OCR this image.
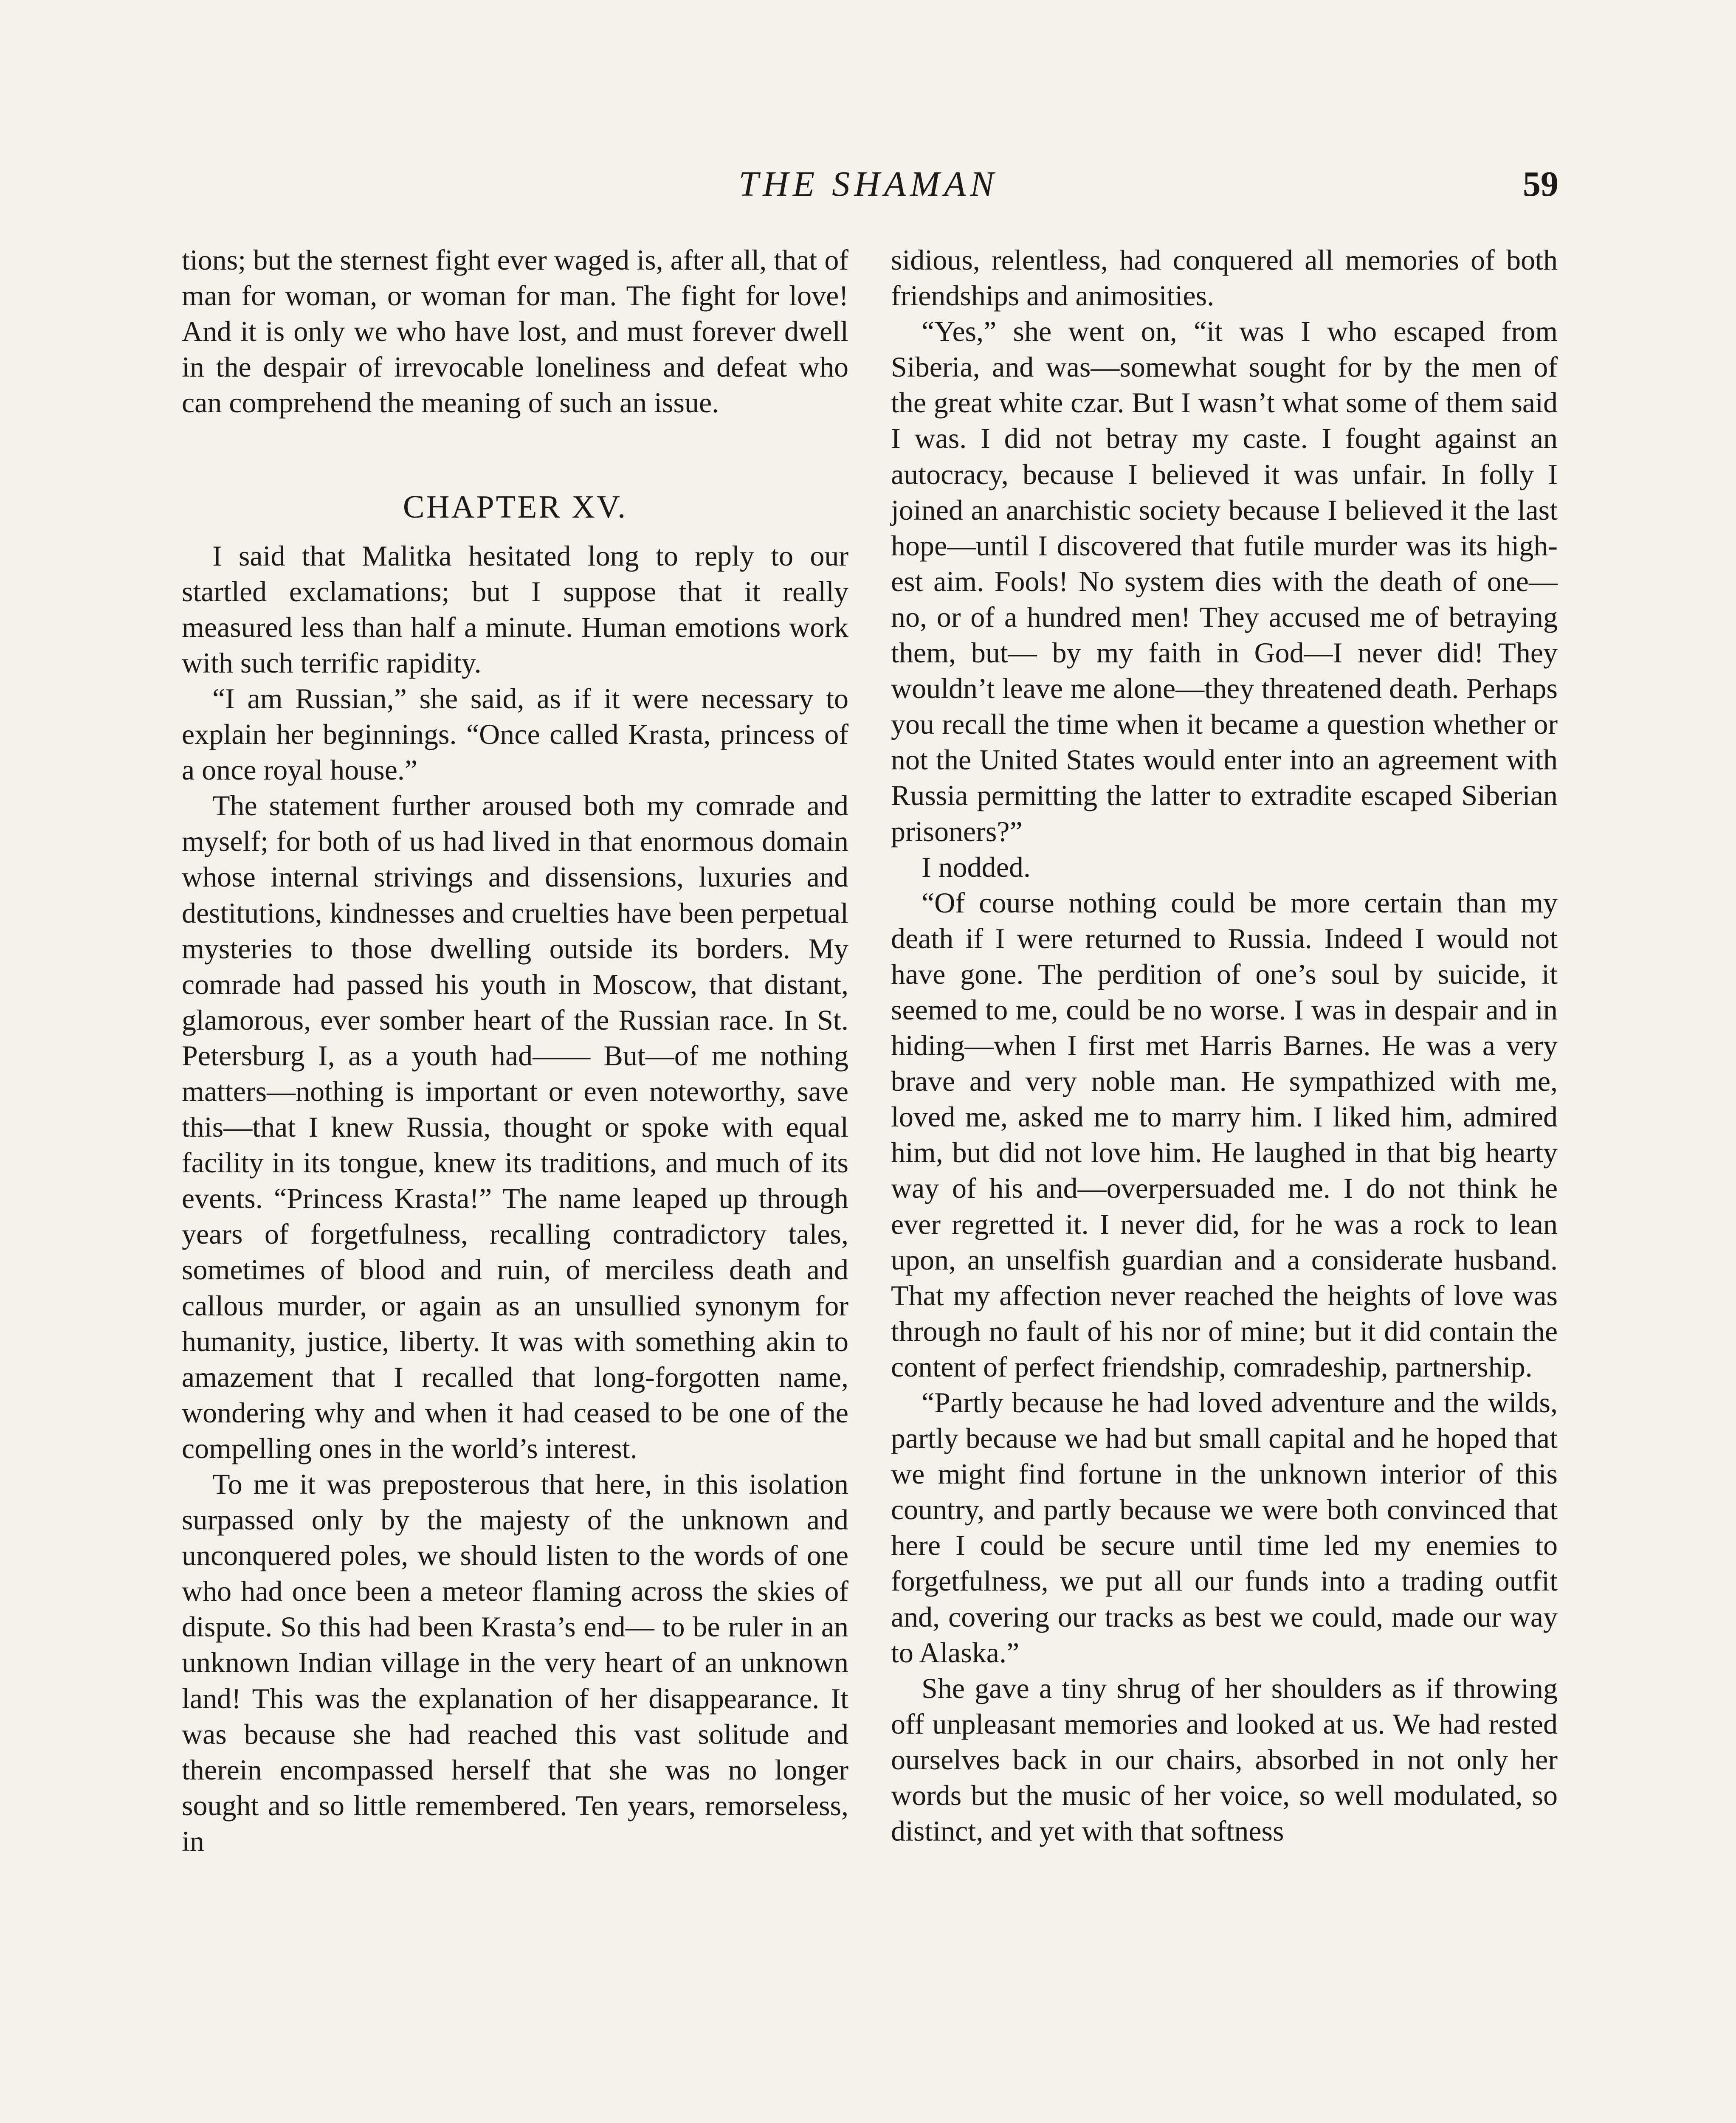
THE SHAMAN	59

tions; but the sternest fight ever waged is, after all, that of man for woman, or woman for man. The fight for love! And it is only we who have lost, and must forever dwell in the despair of irrevocable loneliness and defeat who can comprehend the meaning of such an issue.

CHAPTER XV.

I said that Malitka hesitated long to reply to our startled exclamations; but I suppose that it really measured less than half a minute. Human emotions work with such terrific rapidity.

“I am Russian,” she said, as if it were necessary to explain her beginnings. “Once called Krasta, princess of a once royal house.”

The statement further aroused both my comrade and myself; for both of us had lived in that enormous domain whose internal strivings and dissensions, luxuries and destitutions, kindnesses and cruelties have been perpetual mysteries to those dwelling outside its borders. My comrade had passed his youth in Moscow, that distant, glamorous, ever somber heart of the Russian race. In St. Petersburg I, as a youth had—— But—of me nothing matters—nothing is important or even noteworthy, save this—that I knew Russia, thought or spoke with equal facility in its tongue, knew its traditions, and much of its events. “Princess Krasta!” The name leaped up through years of forgetfulness, recalling contradictory tales, sometimes of blood and ruin, of merciless death and callous murder, or again as an unsullied synonym for humanity, justice, liberty. It was with something akin to amazement that I recalled that long-forgotten name, wondering why and when it had ceased to be one of the compelling ones in the world’s interest.

To me it was preposterous that here, in this isolation surpassed only by the majesty of the unknown and unconquered poles, we should listen to the words of one who had once been a meteor flaming across the skies of dispute. So this had been Krasta’s end— to be ruler in an unknown Indian village in the very heart of an unknown land! This was the explanation of her disappearance. It was because she had reached this vast solitude and therein encompassed herself that she was no longer sought and so little remembered. Ten years, remorseless, in

sidious, relentless, had conquered all memories of both friendships and animosities.

“Yes,” she went on, “it was I who escaped from Siberia, and was—somewhat sought for by the men of the great white czar. But I wasn’t what some of them said I was. I did not betray my caste. I fought against an autocracy, because I believed it was unfair. In folly I joined an anarchistic society because I believed it the last hope—until I discovered that futile murder was its highest aim. Fools! No system dies with the death of one—no, or of a hundred men! They accused me of betraying them, but— by my faith in God—I never did! They wouldn’t leave me alone—they threatened death. Perhaps you recall the time when it became a question whether or not the United States would enter into an agreement with Russia permitting the latter to extradite escaped Siberian prisoners?”

I nodded.

“Of course nothing could be more certain than my death if I were returned to Russia. Indeed I would not have gone. The perdition of one’s soul by suicide, it seemed to me, could be no worse. I was in despair and in hiding—when I first met Harris Barnes. He was a very brave and very noble man. He sympathized with me, loved me, asked me to marry him. I liked him, admired him, but did not love him. He laughed in that big hearty way of his and—overpersuaded me. I do not think he ever regretted it. I never did, for he was a rock to lean upon, an unselfish guardian and a considerate husband. That my affection never reached the heights of love was through no fault of his nor of mine; but it did contain the content of perfect friendship, comradeship, partnership.

“Partly because he had loved adventure and the wilds, partly because we had but small capital and he hoped that we might find fortune in the unknown interior of this country, and partly because we were both convinced that here I could be secure until time led my enemies to forgetfulness, we put all our funds into a trading outfit and, covering our tracks as best we could, made our way to Alaska.”

She gave a tiny shrug of her shoulders as if throwing off unpleasant memories and looked at us. We had rested ourselves back in our chairs, absorbed in not only her words but the music of her voice, so well modulated, so distinct, and yet with that softness
